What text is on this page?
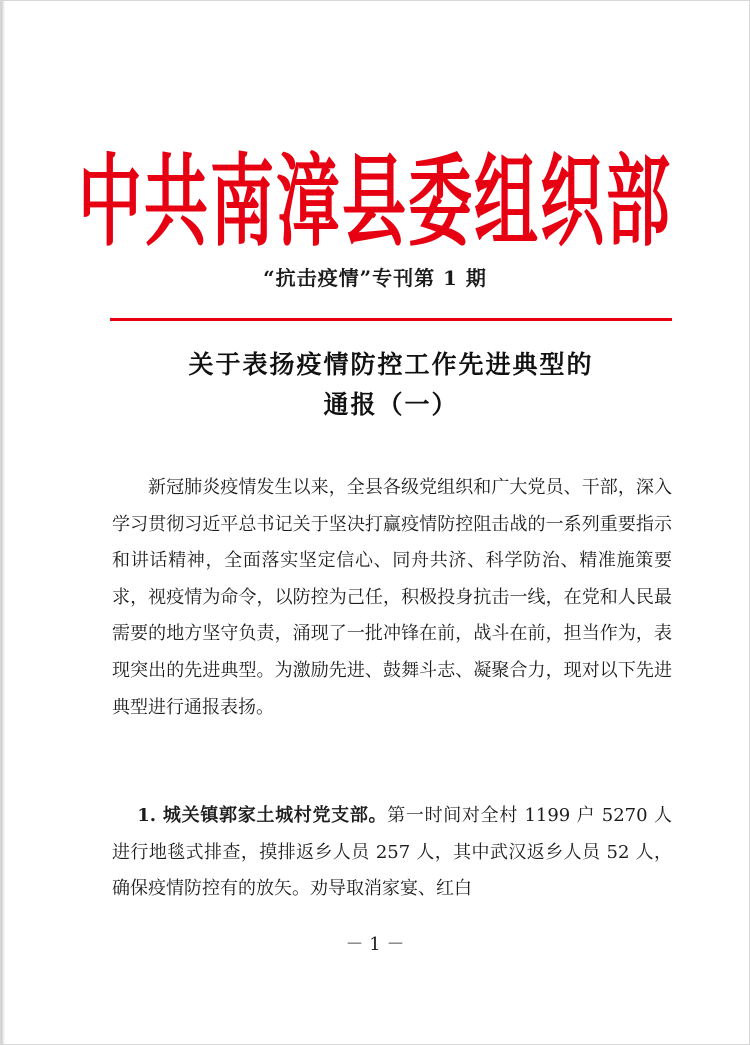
中共南漳县委组织部
“抗击疫情”专刊第 1 期
关于表扬疫情防控工作先进典型的
通报（一）

新冠肺炎疫情发生以来，全县各级党组织和广大党员、干部，深入学习贯彻习近平总书记关于坚决打赢疫情防控阻击战的一系列重要指示和讲话精神，全面落实坚定信心、同舟共济、科学防治、精准施策要求，视疫情为命令，以防控为己任，积极投身抗击一线，在党和人民最需要的地方坚守负责，涌现了一批冲锋在前，战斗在前，担当作为，表现突出的先进典型。为激励先进、鼓舞斗志、凝聚合力，现对以下先进典型进行通报表扬。

1. 城关镇郭家土城村党支部。第一时间对全村 1199 户 5270 人进行地毯式排查，摸排返乡人员 257 人，其中武汉返乡人员 52 人，确保疫情防控有的放矢。劝导取消家宴、红白

－ 1 －
